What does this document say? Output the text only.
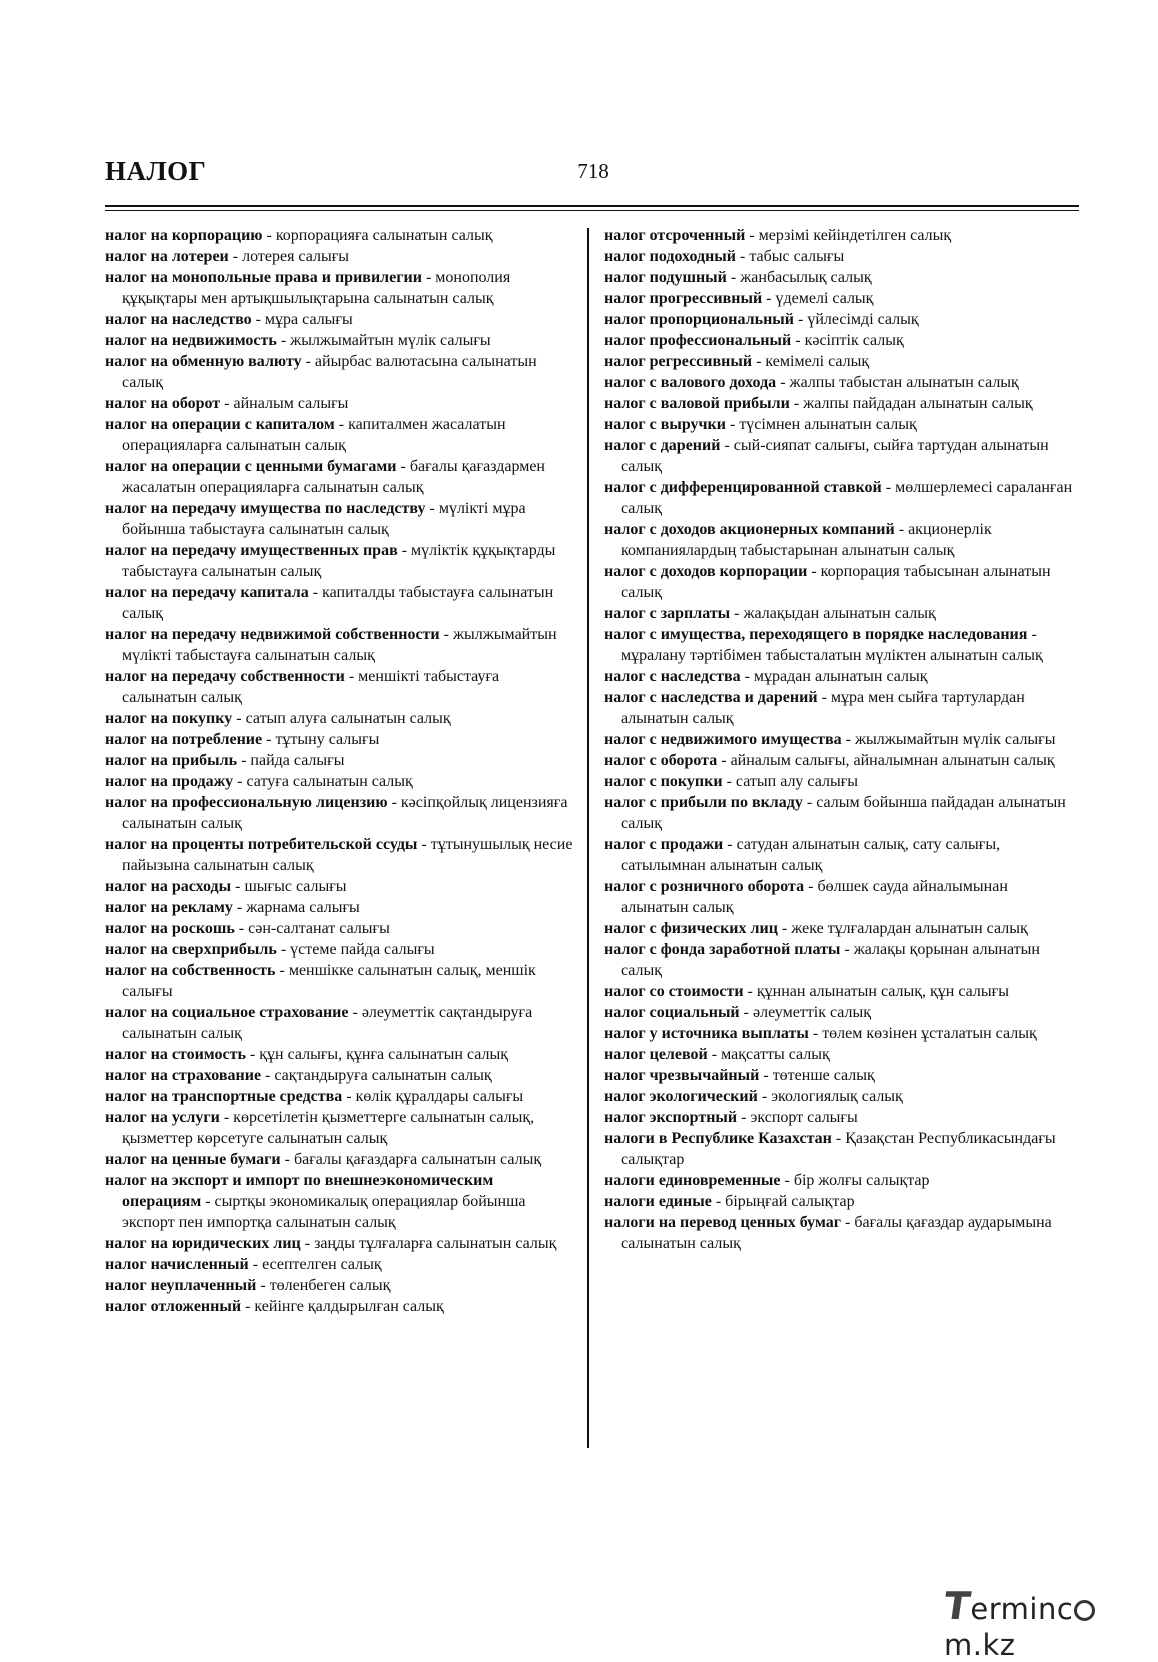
НАЛОГ	718

налог на корпорацию - корпорацияға салынатын салық

налог на лотереи - лотерея салығы

налог на монопольные права и привилегии - монополия құқықтары мен артықшылықтарына салынатын салық

налог на наследство - мұра салығы

налог на недвижимость - жылжымайтын мүлік салығы

налог на обменную валюту - айырбас валютасына салынатын салық

налог на оборот - айналым салығы

налог на операции с капиталом - капиталмен жасалатын операцияларға салынатын салық

налог на операции с ценными бумагами - бағалы қағаздармен жасалатын операцияларға салынатын салық

налог на передачу имущества по наследству - мүлікті мұра бойынша табыстауға салынатын салық

налог на передачу имущественных прав - мүліктік құқықтарды табыстауға салынатын салық

налог на передачу капитала - капиталды табыстауға салынатын салық

налог на передачу недвижимой собственности - жылжымайтын мүлікті табыстауға салынатын салық

налог на передачу собственности - меншікті табыстауға салынатын салық

налог на покупку - сатып алуға салынатын салық

налог на потребление - тұтыну салығы

налог на прибыль - пайда салығы

налог на продажу - сатуға салынатын салық

налог на профессиональную лицензию - кәсіпқойлық лицензияға салынатын салық

налог на проценты потребительской ссуды - тұтынушылық несие пайызына салынатын салық

налог на расходы - шығыс салығы

налог на рекламу - жарнама салығы

налог на роскошь - сән-салтанат салығы

налог на сверхприбыль - үстеме пайда салығы

налог на собственность - меншікке салынатын салық, меншік салығы

налог на социальное страхование - әлеуметтік сақтандыруға салынатын салық

налог на стоимость - құн салығы, құнға салынатын салық

налог на страхование - сақтандыруға салынатын салық

налог на транспортные средства - көлік құралдары салығы

налог на услуги - көрсетілетін қызметтерге салынатын салық, қызметтер көрсетуге салынатын салық

налог на ценные бумаги - бағалы қағаздарға салынатын салық

налог на экспорт и импорт по внешнеэкономическим операциям - сыртқы экономикалық операциялар бойынша экспорт пен импортқа салынатын салық

налог на юридических лиц - заңды тұлғаларға салынатын салық

налог начисленный - есептелген салық

налог неуплаченный - төленбеген салық

налог отложенный - кейінге қалдырылған салық

налог отсроченный - мерзімі кейіндетілген салық

налог подоходный - табыс салығы

налог подушный - жанбасылық салық

налог прогрессивный - үдемелі салық

налог пропорциональный - үйлесімді салық

налог профессиональный - кәсіптік салық

налог регрессивный - кемімелі салық

налог с валового дохода - жалпы табыстан алынатын салық

налог с валовой прибыли - жалпы пайдадан алынатын салық

налог с выручки - түсімнен алынатын салық

налог с дарений - сый-сияпат салығы, сыйға тартудан алынатын салық

налог с дифференцированной ставкой - мөлшерлемесі сараланған салық

налог с доходов акционерных компаний - акционерлік компаниялардың табыстарынан алынатын салық

налог с доходов корпорации - корпорация табысынан алынатын салық

налог с зарплаты - жалақыдан алынатын салық

налог с имущества, переходящего в порядке наследования - мұралану тәртібімен табысталатын мүліктен алынатын салық

налог с наследства - мұрадан алынатын салық

налог с наследства и дарений - мұра мен сыйға тартулардан алынатын салық

налог с недвижимого имущества - жылжымайтын мүлік салығы

налог с оборота - айналым салығы, айналымнан алынатын салық

налог с покупки - сатып алу салығы

налог с прибыли по вкладу - салым бойынша пайдадан алынатын салық

налог с продажи - сатудан алынатын салық, сату салығы, сатылымнан алынатын салық

налог с розничного оборота - бөлшек сауда айналымынан алынатын салық

налог с физических лиц - жеке тұлғалардан алынатын салық

налог с фонда заработной платы - жалақы қорынан алынатын салық

налог со стоимости - құннан алынатын салық, құн салығы

налог социальный - әлеуметтік салық

налог у источника выплаты - төлем көзінен ұсталатын салық

налог целевой - мақсатты салық

налог чрезвычайный - төтенше салық

налог экологический - экологиялық салық

налог экспортный - экспорт салығы

налоги в Республике Казахстан - Қазақстан Республикасындағы салықтар

налоги единовременные - бір жолғы салықтар

налоги единые - бірыңғай салықтар

налоги на перевод ценных бумаг - бағалы қағаздар аударымына салынатын салық

Termincm.kz
